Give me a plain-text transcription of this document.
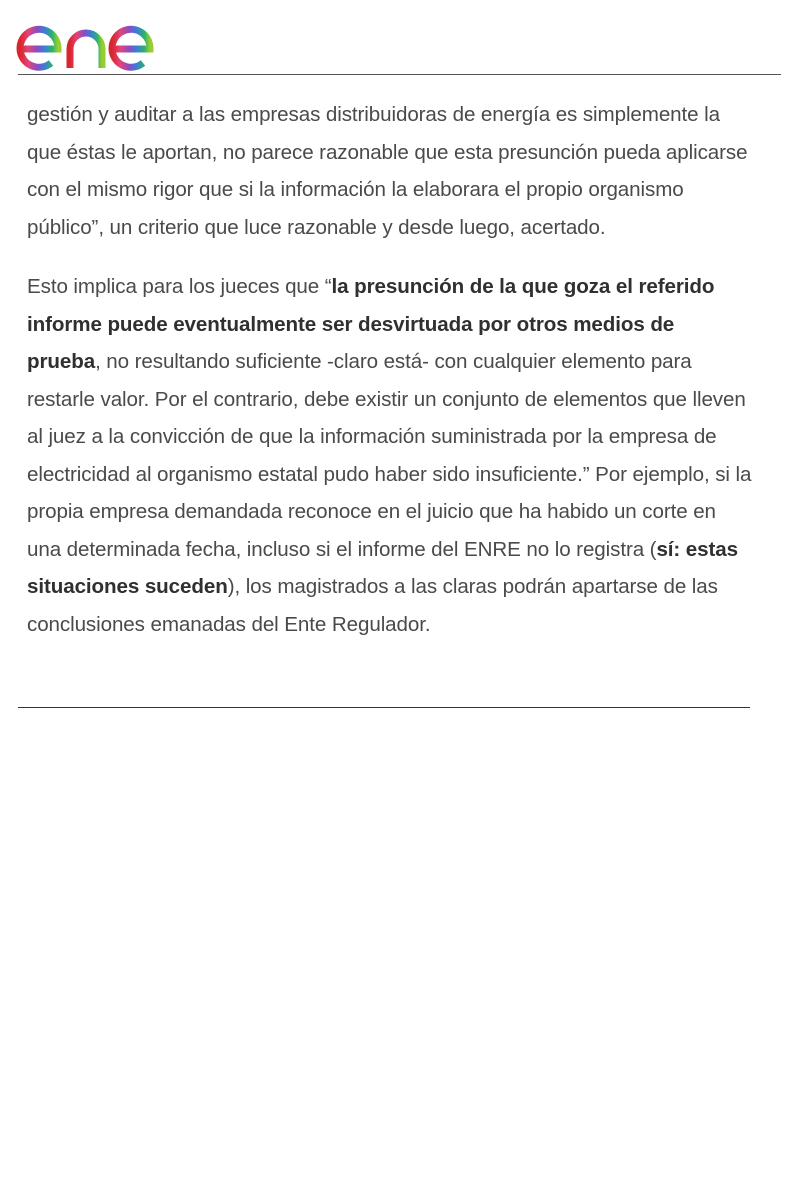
gestión y auditar a las empresas distribuidoras de energía es simplemente la que éstas le aportan, no parece razonable que esta presunción pueda aplicarse con el mismo rigor que si la información la elaborara el propio organismo público”, un criterio que luce razonable y desde luego, acertado.

Esto implica para los jueces que “la presunción de la que goza el referido informe puede eventualmente ser desvirtuada por otros medios de prueba, no resultando suficiente -claro está- con cualquier elemento para restarle valor. Por el contrario, debe existir un conjunto de elementos que lleven al juez a la convicción de que la información suministrada por la empresa de electricidad al organismo estatal pudo haber sido insuficiente.” Por ejemplo, si la propia empresa demandada reconoce en el juicio que ha habido un corte en una determinada fecha, incluso si el informe del ENRE no lo registra (sí: estas situaciones suceden), los magistrados a las claras podrán apartarse de las conclusiones emanadas del Ente Regulador.
